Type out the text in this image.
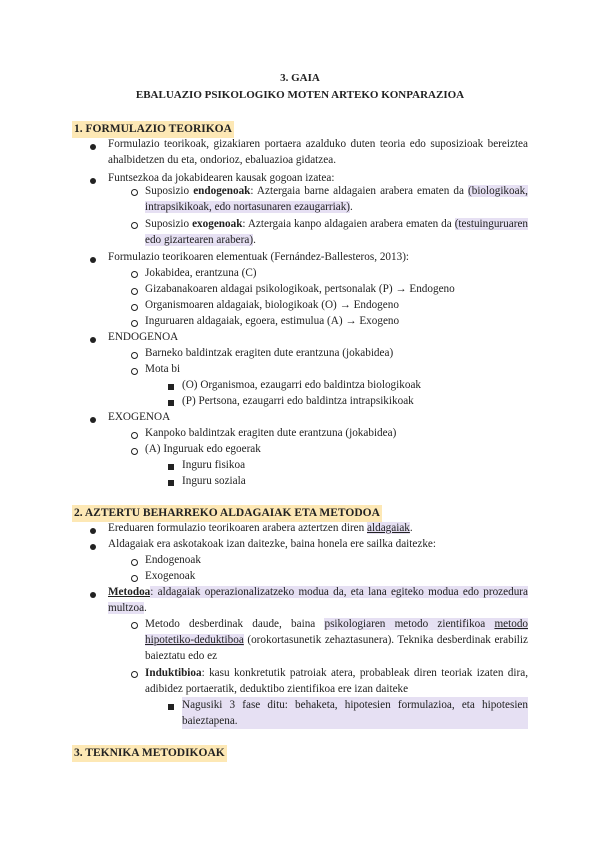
3. GAIA
EBALUAZIO PSIKOLOGIKO MOTEN ARTEKO KONPARAZIOA
1. FORMULAZIO TEORIKOA
Formulazio teorikoak, gizakiaren portaera azalduko duten teoria edo suposizioak bereiztea ahalbidetzen du eta, ondorioz, ebaluazioa gidatzea.
Funtsezkoa da jokabidearen kausak gogoan izatea:
Suposizio endogenoak: Aztergaia barne aldagaien arabera ematen da (biologikoak, intrapsikikoak, edo nortasunaren ezaugarriak).
Suposizio exogenoak: Aztergaia kanpo aldagaien arabera ematen da (testuinguruaren edo gizartearen arabera).
Formulazio teorikoaren elementuak (Fernández-Ballesteros, 2013):
Jokabidea, erantzuna (C)
Gizabanakoaren aldagai psikologikoak, pertsonalak (P) → Endogeno
Organismoaren aldagaiak, biologikoak (O) → Endogeno
Inguruaren aldagaiak, egoera, estimulua (A) → Exogeno
ENDOGENOA
Barneko baldintzak eragiten dute erantzuna (jokabidea)
Mota bi
(O) Organismoa, ezaugarri edo baldintza biologikoak
(P) Pertsona, ezaugarri edo baldintza intrapsikikoak
EXOGENOA
Kanpoko baldintzak eragiten dute erantzuna (jokabidea)
(A) Inguruak edo egoerak
Inguru fisikoa
Inguru soziala
2. AZTERTU BEHARREKO ALDAGAIAK ETA METODOA
Ereduaren formulazio teorikoaren arabera aztertzen diren aldagaiak.
Aldagaiak era askotakoak izan daitezke, baina honela ere sailka daitezke:
Endogenoak
Exogenoak
Metodoa: aldagaiak operazionalizatzeko modua da, eta lana egiteko modua edo prozedura multzoa.
Metodo desberdinak daude, baina psikologiaren metodo zientifikoa metodo hipotetiko-deduktiboa (orokortasunetik zehaztasunera). Teknika desberdinak erabiliz baieztatu edo ez
Induktibioa: kasu konkretutik patroiak atera, probableak diren teoriak izaten dira, adibidez portaeratik, deduktibo zientifikoa ere izan daiteke
Nagusiki 3 fase ditu: behaketa, hipotesien formulazioa, eta hipotesien baieztapena.
3. TEKNIKA METODIKOAK
